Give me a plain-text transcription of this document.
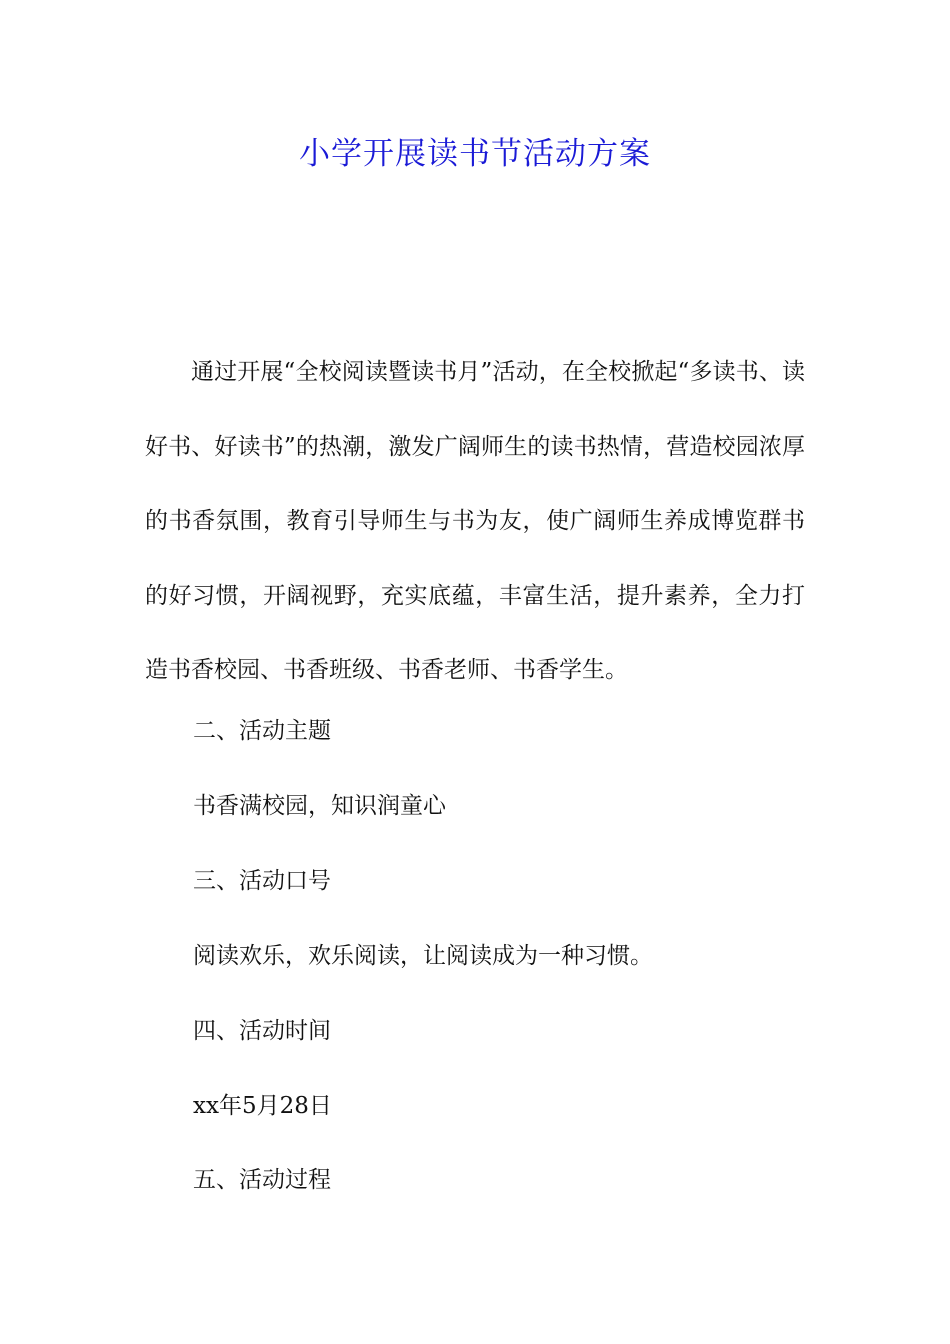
小学开展读书节活动方案

通过开展“全校阅读暨读书月”活动，在全校掀起“多读书、读好书、好读书”的热潮，激发广阔师生的读书热情，营造校园浓厚的书香氛围，教育引导师生与书为友，使广阔师生养成博览群书的好习惯，开阔视野，充实底蕴，丰富生活，提升素养，全力打造书香校园、书香班级、书香老师、书香学生。

二、活动主题

书香满校园，知识润童心

三、活动口号

阅读欢乐，欢乐阅读，让阅读成为一种习惯。

四、活动时间

xx年5月28日

五、活动过程
